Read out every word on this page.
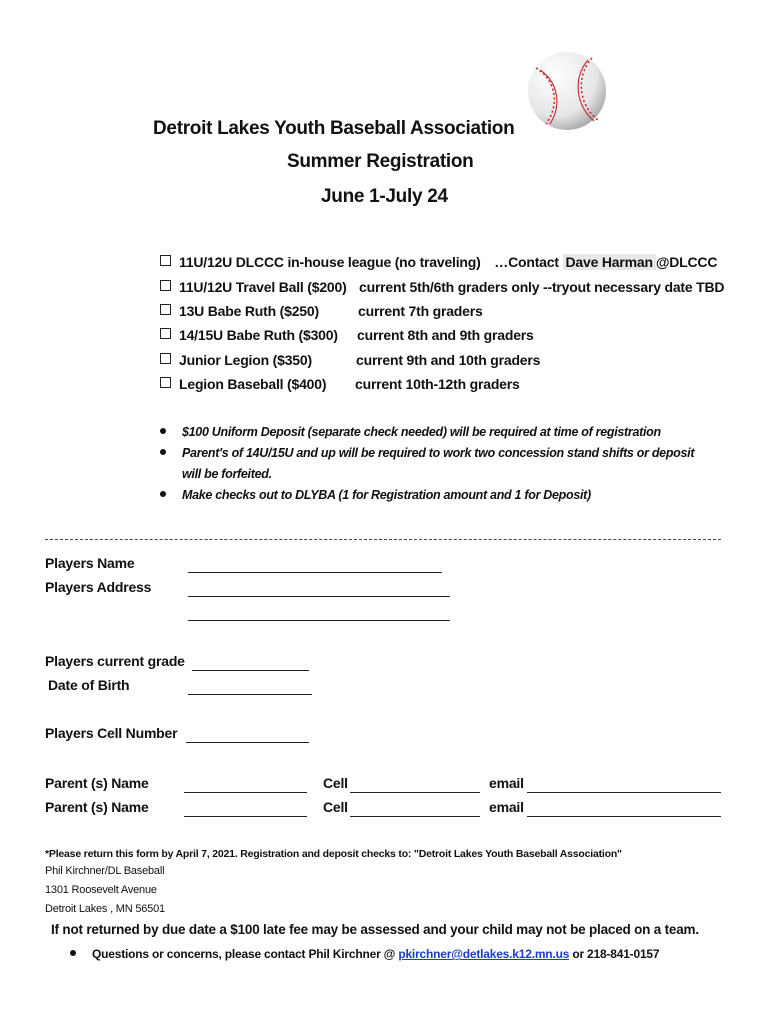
Detroit Lakes Youth Baseball Association
Summer Registration
June 1-July 24
11U/12U DLCCC in-house league (no traveling) …Contact Dave Harman @DLCCC
11U/12U Travel Ball ($200) current 5th/6th graders only --tryout necessary date TBD
13U Babe Ruth ($250)	current 7th graders
14/15U Babe Ruth ($300) current 8th and 9th graders
Junior Legion ($350)	current 9th and 10th graders
Legion Baseball ($400) current 10th-12th graders
$100 Uniform Deposit (separate check needed) will be required at time of registration
Parent's of 14U/15U and up will be required to work two concession stand shifts or deposit
will be forfeited.
Make checks out to DLYBA (1 for Registration amount and 1 for Deposit)
Players Name
Players Address
Players current grade
Date of Birth
Players Cell Number
Parent (s) Name	Cell	email
Parent (s) Name	Cell	email
*Please return this form by April 7, 2021. Registration and deposit checks to: "Detroit Lakes Youth Baseball Association"
Phil Kirchner/DL Baseball
1301 Roosevelt Avenue
Detroit Lakes , MN 56501
If not returned by due date a $100 late fee may be assessed and your child may not be placed on a team.
Questions or concerns, please contact Phil Kirchner @ pkirchner@detlakes.k12.mn.us or 218-841-0157
